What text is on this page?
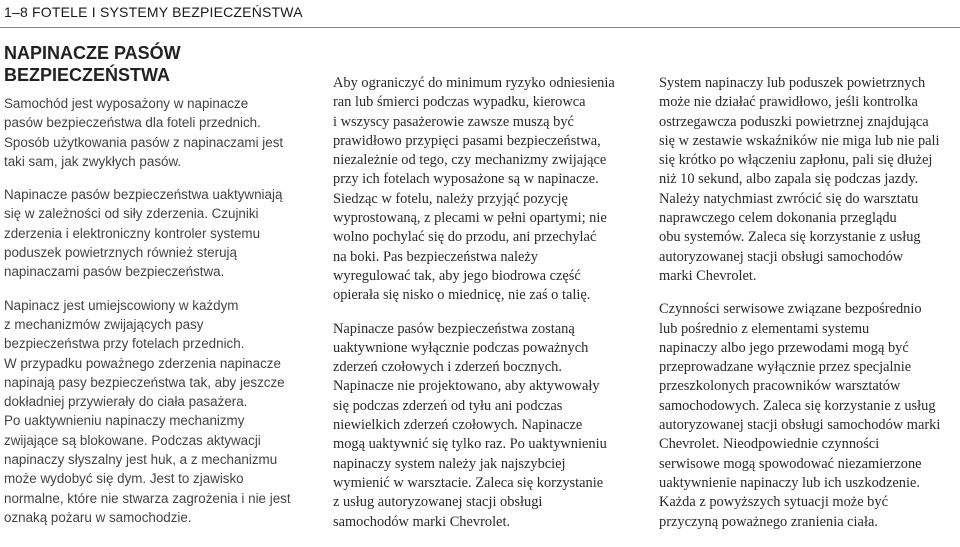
1–8 FOTELE I SYSTEMY BEZPIECZEŃSTWA
NAPINACZE PASÓW
BEZPIECZEŃSTWA
Samochód jest wyposażony w napinacze
pasów bezpieczeństwa dla foteli przednich.
Sposób użytkowania pasów z napinaczami jest
taki sam, jak zwykłych pasów.
Napinacze pasów bezpieczeństwa uaktywniają
się w zależności od siły zderzenia. Czujniki
zderzenia i elektroniczny kontroler systemu
poduszek powietrznych również sterują
napinaczami pasów bezpieczeństwa.
Napinacz jest umiejscowiony w każdym
z mechanizmów zwijających pasy
bezpieczeństwa przy fotelach przednich.
W przypadku poważnego zderzenia napinacze
napinają pasy bezpieczeństwa tak, aby jeszcze
dokładniej przywierały do ciała pasażera.
Po uaktywnieniu napinaczy mechanizmy
zwijające są blokowane. Podczas aktywacji
napinaczy słyszalny jest huk, a z mechanizmu
może wydobyć się dym. Jest to zjawisko
normalne, które nie stwarza zagrożenia i nie jest
oznaką pożaru w samochodzie.
Aby ograniczyć do minimum ryzyko odniesienia
ran lub śmierci podczas wypadku, kierowca
i wszyscy pasażerowie zawsze muszą być
prawidłowo przypięci pasami bezpieczeństwa,
niezależnie od tego, czy mechanizmy zwijające
przy ich fotelach wyposażone są w napinacze.
Siedząc w fotelu, należy przyjąć pozycję
wyprostowaną, z plecami w pełni opartymi; nie
wolno pochylać się do przodu, ani przechylać
na boki. Pas bezpieczeństwa należy
wyregulować tak, aby jego biodrowa część
opierała się nisko o miednicę, nie zaś o talię.
Napinacze pasów bezpieczeństwa zostaną
uaktywnione wyłącznie podczas poważnych
zderzeń czołowych i zderzeń bocznych.
Napinacze nie projektowano, aby aktywowały
się podczas zderzeń od tyłu ani podczas
niewielkich zderzeń czołowych. Napinacze
mogą uaktywnić się tylko raz. Po uaktywnieniu
napinaczy system należy jak najszybciej
wymienić w warsztacie. Zaleca się korzystanie
z usług autoryzowanej stacji obsługi
samochodów marki Chevrolet.
System napinaczy lub poduszek powietrznych
może nie działać prawidłowo, jeśli kontrolka
ostrzegawcza poduszki powietrznej znajdująca
się w zestawie wskaźników nie miga lub nie pali
się krótko po włączeniu zapłonu, pali się dłużej
niż 10 sekund, albo zapala się podczas jazdy.
Należy natychmiast zwrócić się do warsztatu
naprawczego celem dokonania przeglądu
obu systemów. Zaleca się korzystanie z usług
autoryzowanej stacji obsługi samochodów
marki Chevrolet.
Czynności serwisowe związane bezpośrednio
lub pośrednio z elementami systemu
napinaczy albo jego przewodami mogą być
przeprowadzane wyłącznie przez specjalnie
przeszkolonych pracowników warsztatów
samochodowych. Zaleca się korzystanie z usług
autoryzowanej stacji obsługi samochodów marki
Chevrolet. Nieodpowiednie czynności
serwisowe mogą spowodować niezamierzone
uaktywnienie napinaczy lub ich uszkodzenie.
Każda z powyższych sytuacji może być
przyczyną poważnego zranienia ciała.
